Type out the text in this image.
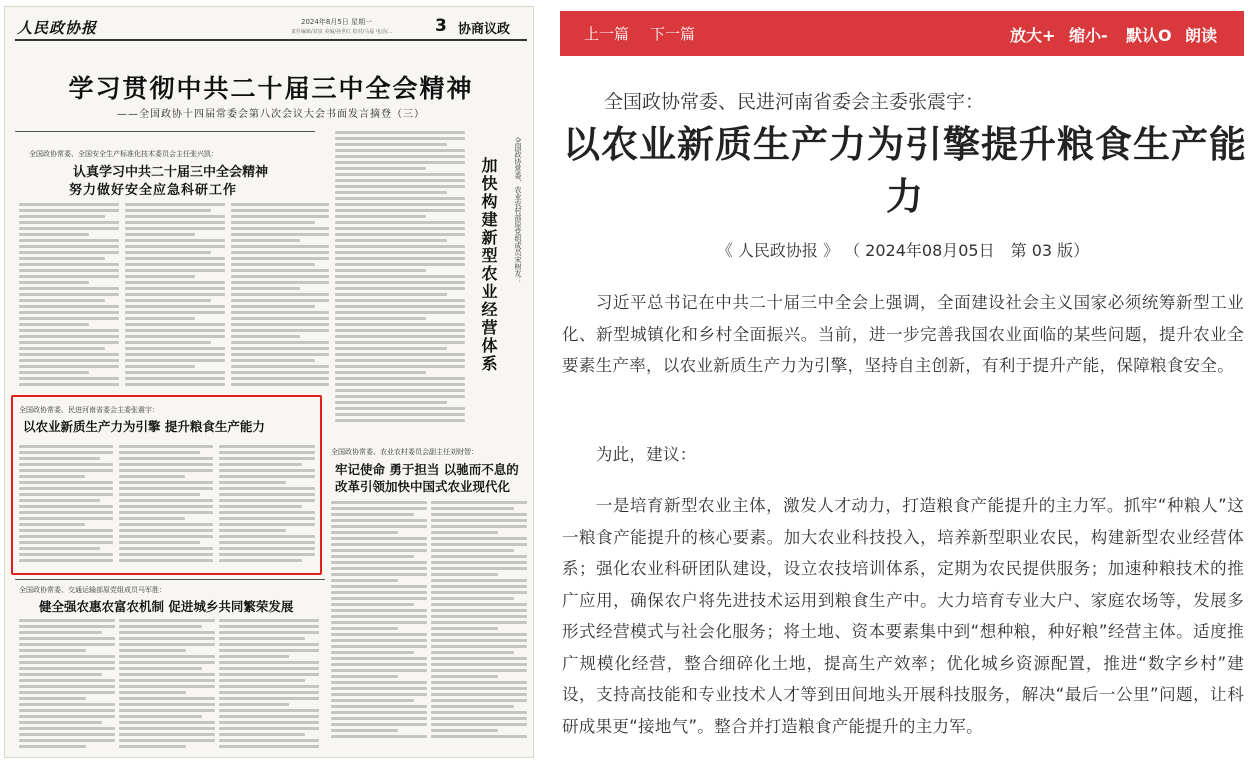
人民政协报	2024年8月5日 星期一
责任编辑/刘泉 美编/孙世红 校对/马磊 电话/… 3 协商议政
学习贯彻中共二十届三中全会精神
——全国政协十四届常委会第八次会议大会书面发言摘登（三）
全国政协常委、全国安全生产标准化技术委员会主任张兴凯：
认真学习中共二十届三中全会精神
努力做好安全应急科研工作	全国政协常委、农业农村部原党组成员宋树友：
加快构建新型农业经营体系
全国政协常委、民进河南省委会主委张震宇：
以农业新质生产力为引擎 提升粮食生产能力
全国政协常委、农业农村委员会副主任刘财智：
牢记使命 勇于担当 以驰而不息的
改革引领加快中国式农业现代化
全国政协常委、交通运输部原党组成员马军胜：
健全强农惠农富农机制 促进城乡共同繁荣发展
上一篇 下一篇	放大+ 缩小- 默认O 朗读
全国政协常委、民进河南省委会主委张震宇：
以农业新质生产力为引擎提升粮食生产能力
《 人民政协报 》 （ 2024年08月05日　第 03 版）

习近平总书记在中共二十届三中全会上强调，全面建设社会主义国家必须统筹新型工业化、新型城镇化和乡村全面振兴。当前，进一步完善我国农业面临的某些问题，提升农业全要素生产率，以农业新质生产力为引擎，坚持自主创新，有利于提升产能，保障粮食安全。

为此，建议：

一是培育新型农业主体，激发人才动力，打造粮食产能提升的主力军。抓牢“种粮人”这一粮食产能提升的核心要素。加大农业科技投入，培养新型职业农民，构建新型农业经营体系；强化农业科研团队建设，设立农技培训体系，定期为农民提供服务；加速种粮技术的推广应用，确保农户将先进技术运用到粮食生产中。大力培育专业大户、家庭农场等，发展多形式经营模式与社会化服务；将土地、资本要素集中到“想种粮，种好粮”经营主体。适度推广规模化经营，整合细碎化土地，提高生产效率；优化城乡资源配置，推进“数字乡村”建设，支持高技能和专业技术人才等到田间地头开展科技服务，解决“最后一公里”问题，让科研成果更“接地气”。整合并打造粮食产能提升的主力军。
